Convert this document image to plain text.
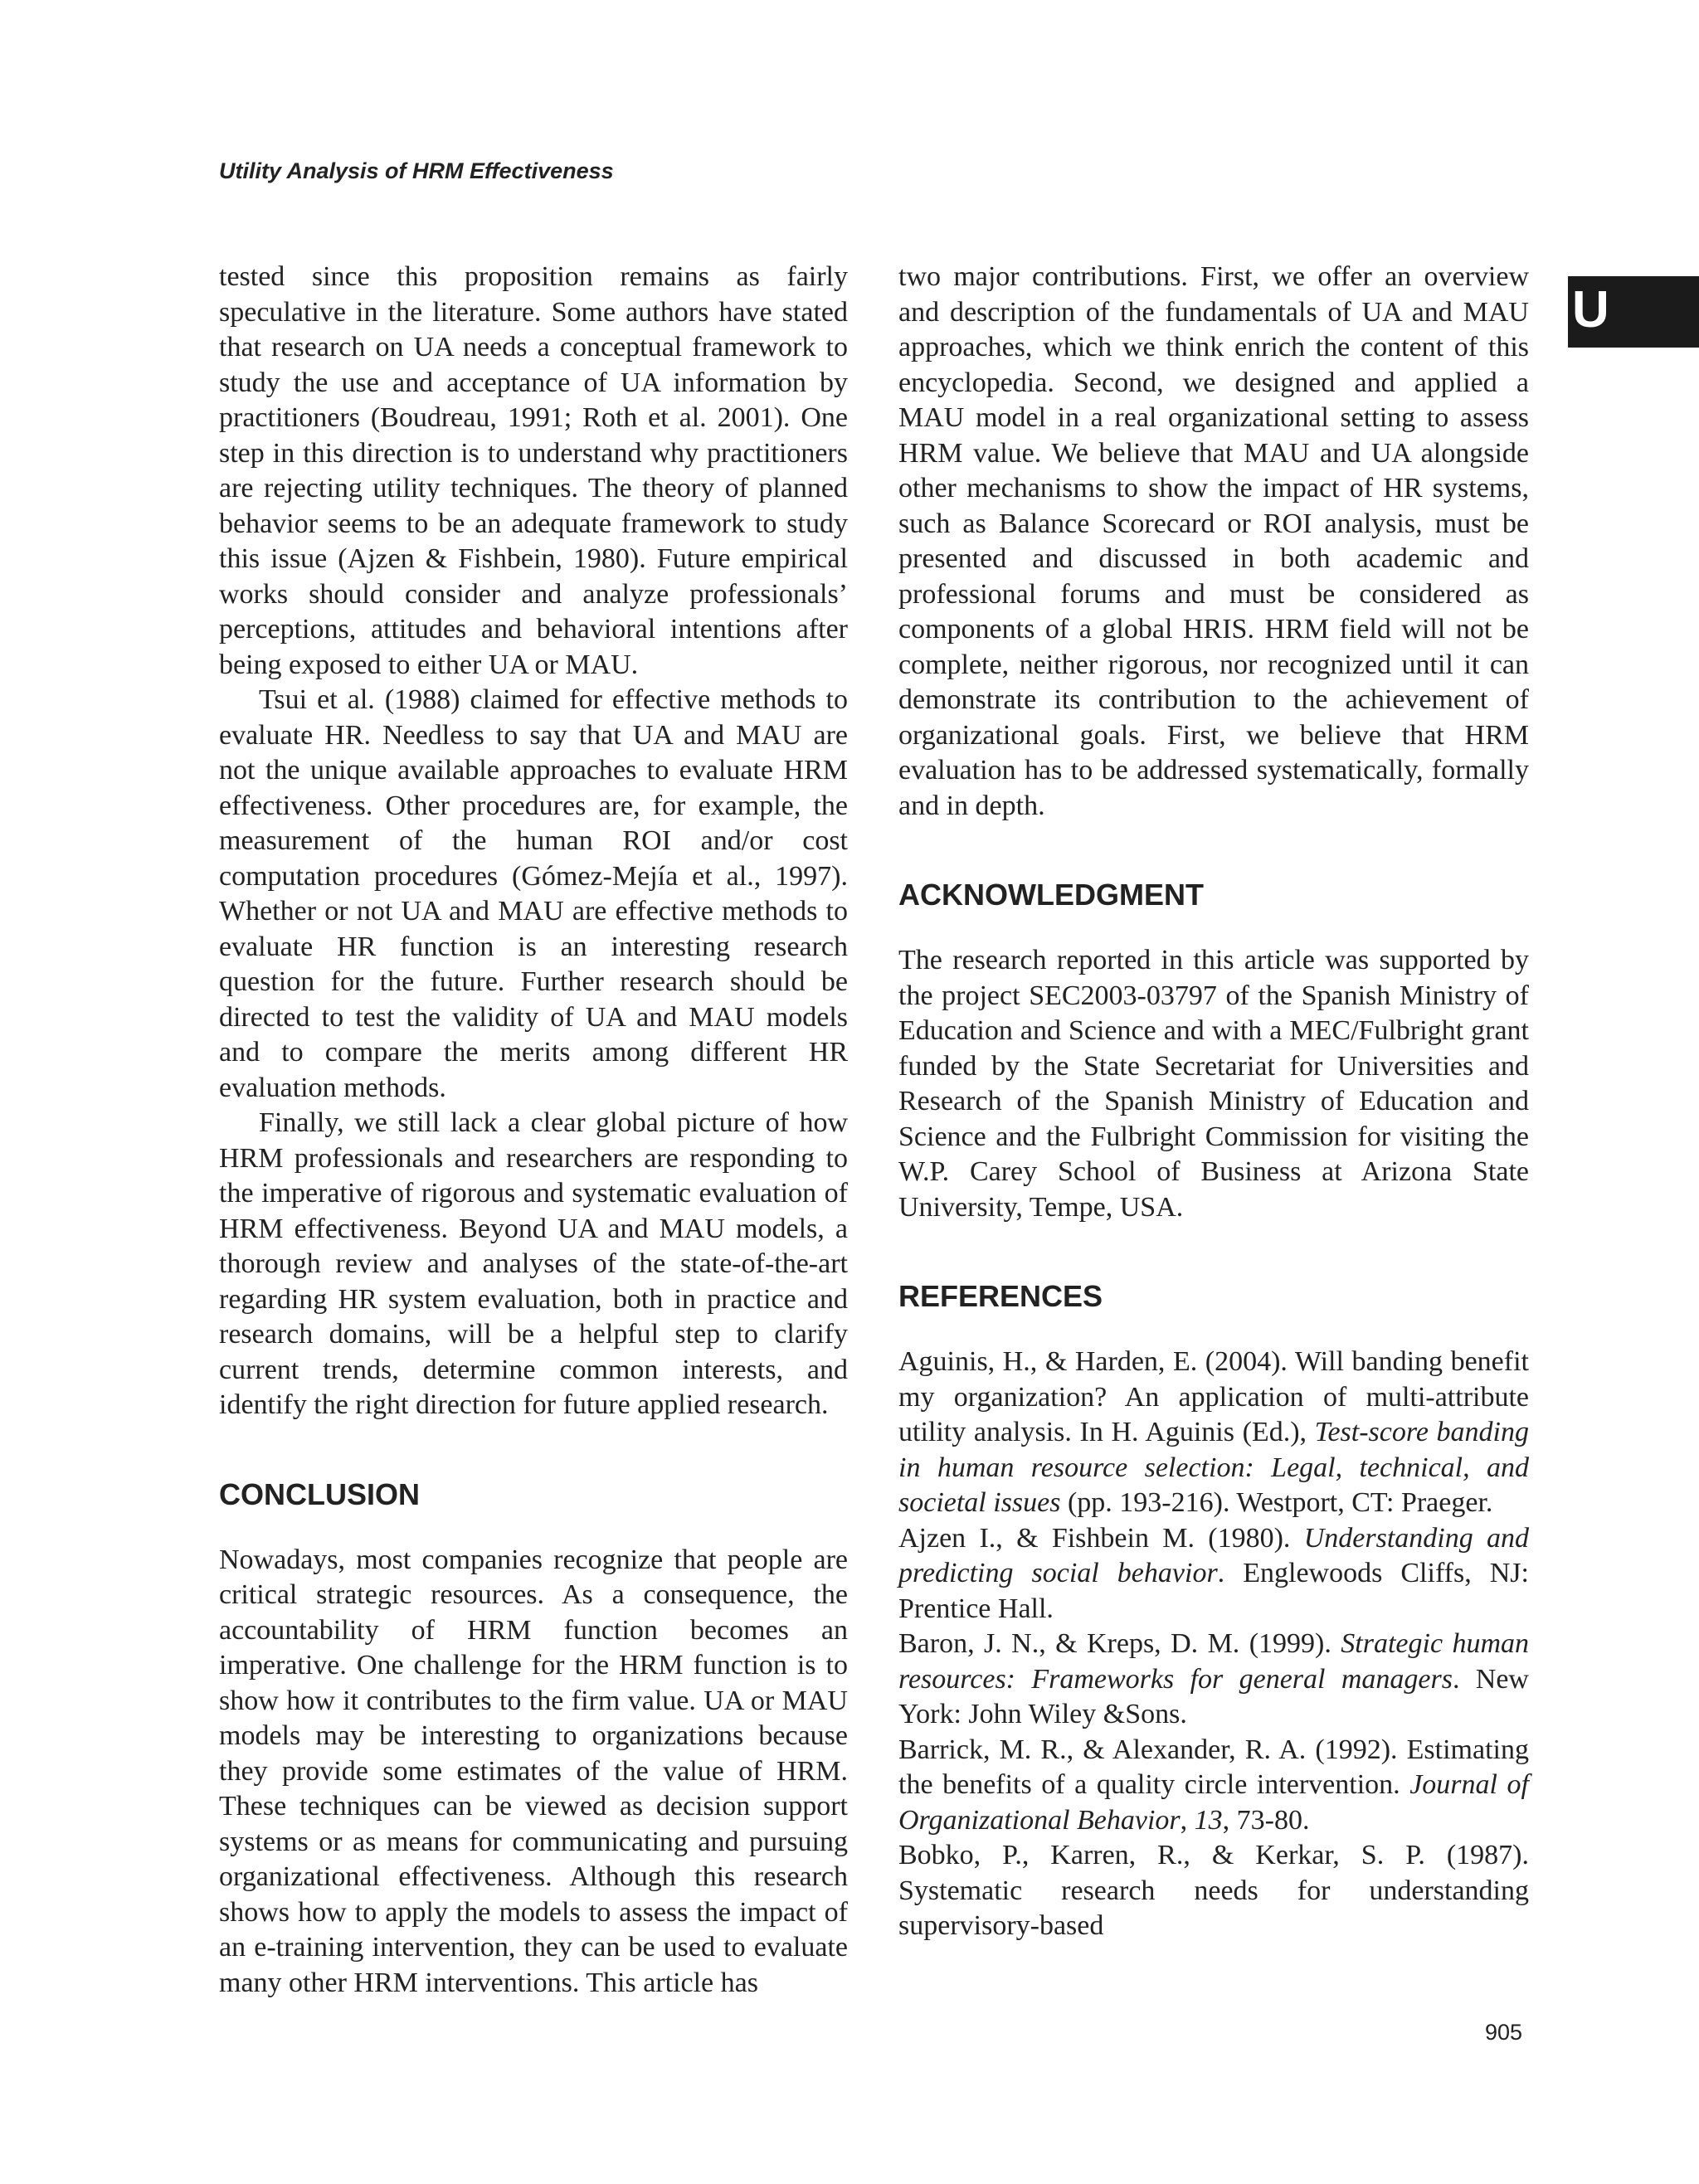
Utility Analysis of HRM Effectiveness

U

tested since this proposition remains as fairly speculative in the literature. Some authors have stated that research on UA needs a conceptual framework to study the use and acceptance of UA information by practitioners (Boudreau, 1991; Roth et al. 2001). One step in this direction is to understand why practitioners are rejecting utility techniques. The theory of planned behavior seems to be an adequate framework to study this issue (Ajzen & Fishbein, 1980). Future empirical works should consider and analyze professionals’ perceptions, attitudes and behavioral intentions after being exposed to either UA or MAU.

Tsui et al. (1988) claimed for effective methods to evaluate HR. Needless to say that UA and MAU are not the unique available approaches to evaluate HRM effectiveness. Other procedures are, for example, the measurement of the human ROI and/or cost computation procedures (Gómez-Mejía et al., 1997). Whether or not UA and MAU are effective methods to evaluate HR function is an interesting research question for the future. Further research should be directed to test the validity of UA and MAU models and to compare the merits among different HR evaluation methods.

Finally, we still lack a clear global picture of how HRM professionals and researchers are responding to the imperative of rigorous and systematic evaluation of HRM effectiveness. Beyond UA and MAU models, a thorough review and analyses of the state-of-the-art regarding HR system evaluation, both in practice and research domains, will be a helpful step to clarify current trends, determine common interests, and identify the right direction for future applied research.

CONCLUSION

Nowadays, most companies recognize that people are critical strategic resources. As a consequence, the accountability of HRM function becomes an imperative. One challenge for the HRM function is to show how it contributes to the firm value. UA or MAU models may be interesting to organizations because they provide some estimates of the value of HRM. These techniques can be viewed as decision support systems or as means for communicating and pursuing organizational effectiveness. Although this research shows how to apply the models to assess the impact of an e-training intervention, they can be used to evaluate many other HRM interventions. This article has

two major contributions. First, we offer an overview and description of the fundamentals of UA and MAU approaches, which we think enrich the content of this encyclopedia. Second, we designed and applied a MAU model in a real organizational setting to assess HRM value. We believe that MAU and UA alongside other mechanisms to show the impact of HR systems, such as Balance Scorecard or ROI analysis, must be presented and discussed in both academic and professional forums and must be considered as components of a global HRIS. HRM field will not be complete, neither rigorous, nor recognized until it can demonstrate its contribution to the achievement of organizational goals. First, we believe that HRM evaluation has to be addressed systematically, formally and in depth.

ACKNOWLEDGMENT

The research reported in this article was supported by the project SEC2003-03797 of the Spanish Ministry of Education and Science and with a MEC/Fulbright grant funded by the State Secretariat for Universities and Research of the Spanish Ministry of Education and Science and the Fulbright Commission for visiting the W.P. Carey School of Business at Arizona State University, Tempe, USA.

REFERENCES

Aguinis, H., & Harden, E. (2004). Will banding benefit my organization? An application of multi-attribute utility analysis. In H. Aguinis (Ed.), Test-score banding in human resource selection: Legal, technical, and societal issues (pp. 193-216). Westport, CT: Praeger.

Ajzen I., & Fishbein M. (1980). Understanding and predicting social behavior. Englewoods Cliffs, NJ: Prentice Hall.

Baron, J. N., & Kreps, D. M. (1999). Strategic human resources: Frameworks for general managers. New York: John Wiley &Sons.

Barrick, M. R., & Alexander, R. A. (1992). Estimating the benefits of a quality circle intervention. Journal of Organizational Behavior, 13, 73-80.

Bobko, P., Karren, R., & Kerkar, S. P. (1987). Systematic research needs for understanding supervisory-based

905
